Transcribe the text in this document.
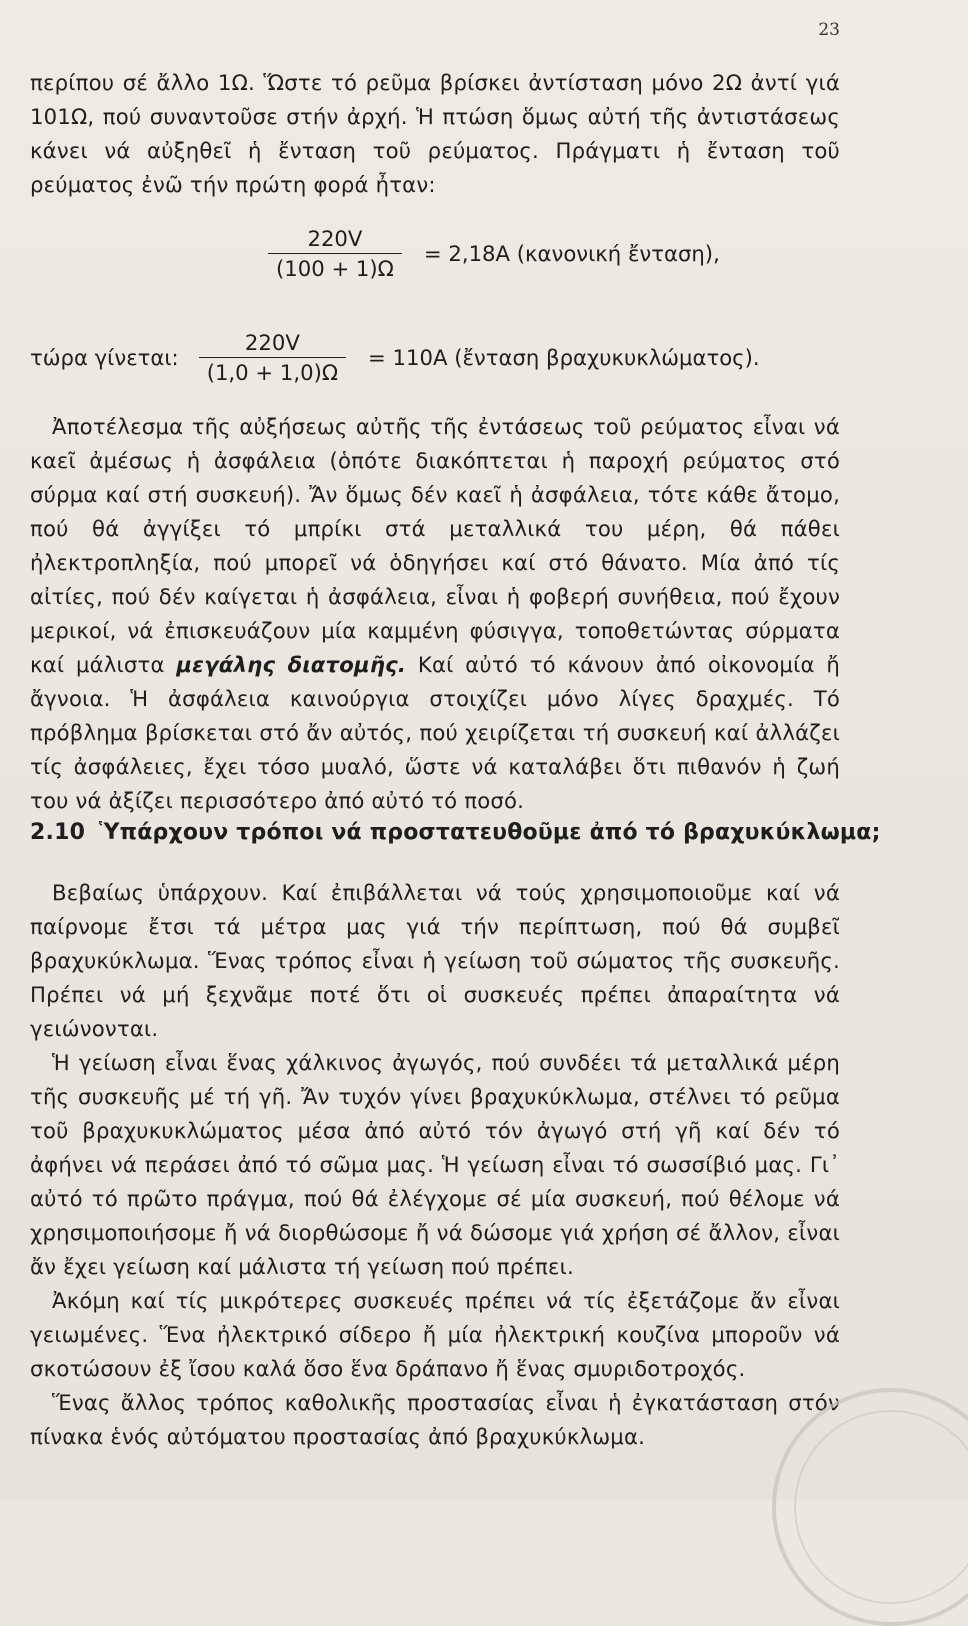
23

περίπου σέ ἄλλο 1Ω. Ὥστε τό ρεῦμα βρίσκει ἀντίσταση μόνο 2Ω ἀντί γιά 101Ω, πού συναντοῦσε στήν ἀρχή. Ἡ πτώση ὅμως αὐτή τῆς ἀντιστάσεως κάνει νά αὐξηθεῖ ἡ ἔνταση τοῦ ρεύματος. Πράγματι ἡ ἔνταση τοῦ ρεύματος ἐνῶ τήν πρώτη φορά ἦταν:

$\frac{220V}{(100 + 1)\Omega} = 2,18A$ (κανονική ἔνταση),
τώρα γίνεται: $\frac{220V}{(1,0 + 1,0)\Omega} = 110A$ (ἔνταση βραχυκυκλώματος).

Ἀποτέλεσμα τῆς αὐξήσεως αὐτῆς τῆς ἐντάσεως τοῦ ρεύματος εἶναι νά καεῖ ἀμέσως ἡ ἀσφάλεια (ὁπότε διακόπτεται ἡ παροχή ρεύματος στό σύρμα καί στή συσκευή). Ἄν ὅμως δέν καεῖ ἡ ἀσφάλεια, τότε κάθε ἄτομο, πού θά ἀγγίξει τό μπρίκι στά μεταλλικά του μέρη, θά πάθει ἠλεκτροπληξία, πού μπορεῖ νά ὁδηγήσει καί στό θάνατο. Μία ἀπό τίς αἰτίες, πού δέν καίγεται ἡ ἀσφάλεια, εἶναι ἡ φοβερή συνήθεια, πού ἔχουν μερικοί, νά ἐπισκευάζουν μία καμμένη φύσιγγα, τοποθετώντας σύρματα καί μάλιστα μεγάλης διατομῆς. Καί αὐτό τό κάνουν ἀπό οἰκονομία ἤ ἄγνοια. Ἡ ἀσφάλεια καινούργια στοιχίζει μόνο λίγες δραχμές. Τό πρόβλημα βρίσκεται στό ἄν αὐτός, πού χειρίζεται τή συσκευή καί ἀλλάζει τίς ἀσφάλειες, ἔχει τόσο μυαλό, ὥστε νά καταλάβει ὅτι πιθανόν ἡ ζωή του νά ἀξίζει περισσότερο ἀπό αὐτό τό ποσό.

2.10 Ὑπάρχουν τρόποι νά προστατευθοῦμε ἀπό τό βραχυκύκλωμα;

Βεβαίως ὑπάρχουν. Καί ἐπιβάλλεται νά τούς χρησιμοποιοῦμε καί νά παίρνομε ἔτσι τά μέτρα μας γιά τήν περίπτωση, πού θά συμβεῖ βραχυκύκλωμα. Ἕνας τρόπος εἶναι ἡ γείωση τοῦ σώματος τῆς συσκευῆς. Πρέπει νά μή ξεχνᾶμε ποτέ ὅτι οἱ συσκευές πρέπει ἀπαραίτητα νά γειώνονται.

Ἡ γείωση εἶναι ἕνας χάλκινος ἀγωγός, πού συνδέει τά μεταλλικά μέρη τῆς συσκευῆς μέ τή γῆ. Ἄν τυχόν γίνει βραχυκύκλωμα, στέλνει τό ρεῦμα τοῦ βραχυκυκλώματος μέσα ἀπό αὐτό τόν ἀγωγό στή γῆ καί δέν τό ἀφήνει νά περάσει ἀπό τό σῶμα μας. Ἡ γείωση εἶναι τό σωσσίβιό μας. Γι᾽ αὐτό τό πρῶτο πράγμα, πού θά ἐλέγχομε σέ μία συσκευή, πού θέλομε νά χρησιμοποιήσομε ἤ νά διορθώσομε ἤ νά δώσομε γιά χρήση σέ ἄλλον, εἶναι ἄν ἔχει γείωση καί μάλιστα τή γείωση πού πρέπει.

Ἀκόμη καί τίς μικρότερες συσκευές πρέπει νά τίς ἐξετάζομε ἄν εἶναι γειωμένες. Ἕνα ἠλεκτρικό σίδερο ἤ μία ἠλεκτρική κουζίνα μποροῦν νά σκοτώσουν ἐξ ἴσου καλά ὅσο ἕνα δράπανο ἤ ἕνας σμυριδοτροχός.

Ἕνας ἄλλος τρόπος καθολικῆς προστασίας εἶναι ἡ ἐγκατάσταση στόν πίνακα ἑνός αὐτόματου προστασίας ἀπό βραχυκύκλωμα.
